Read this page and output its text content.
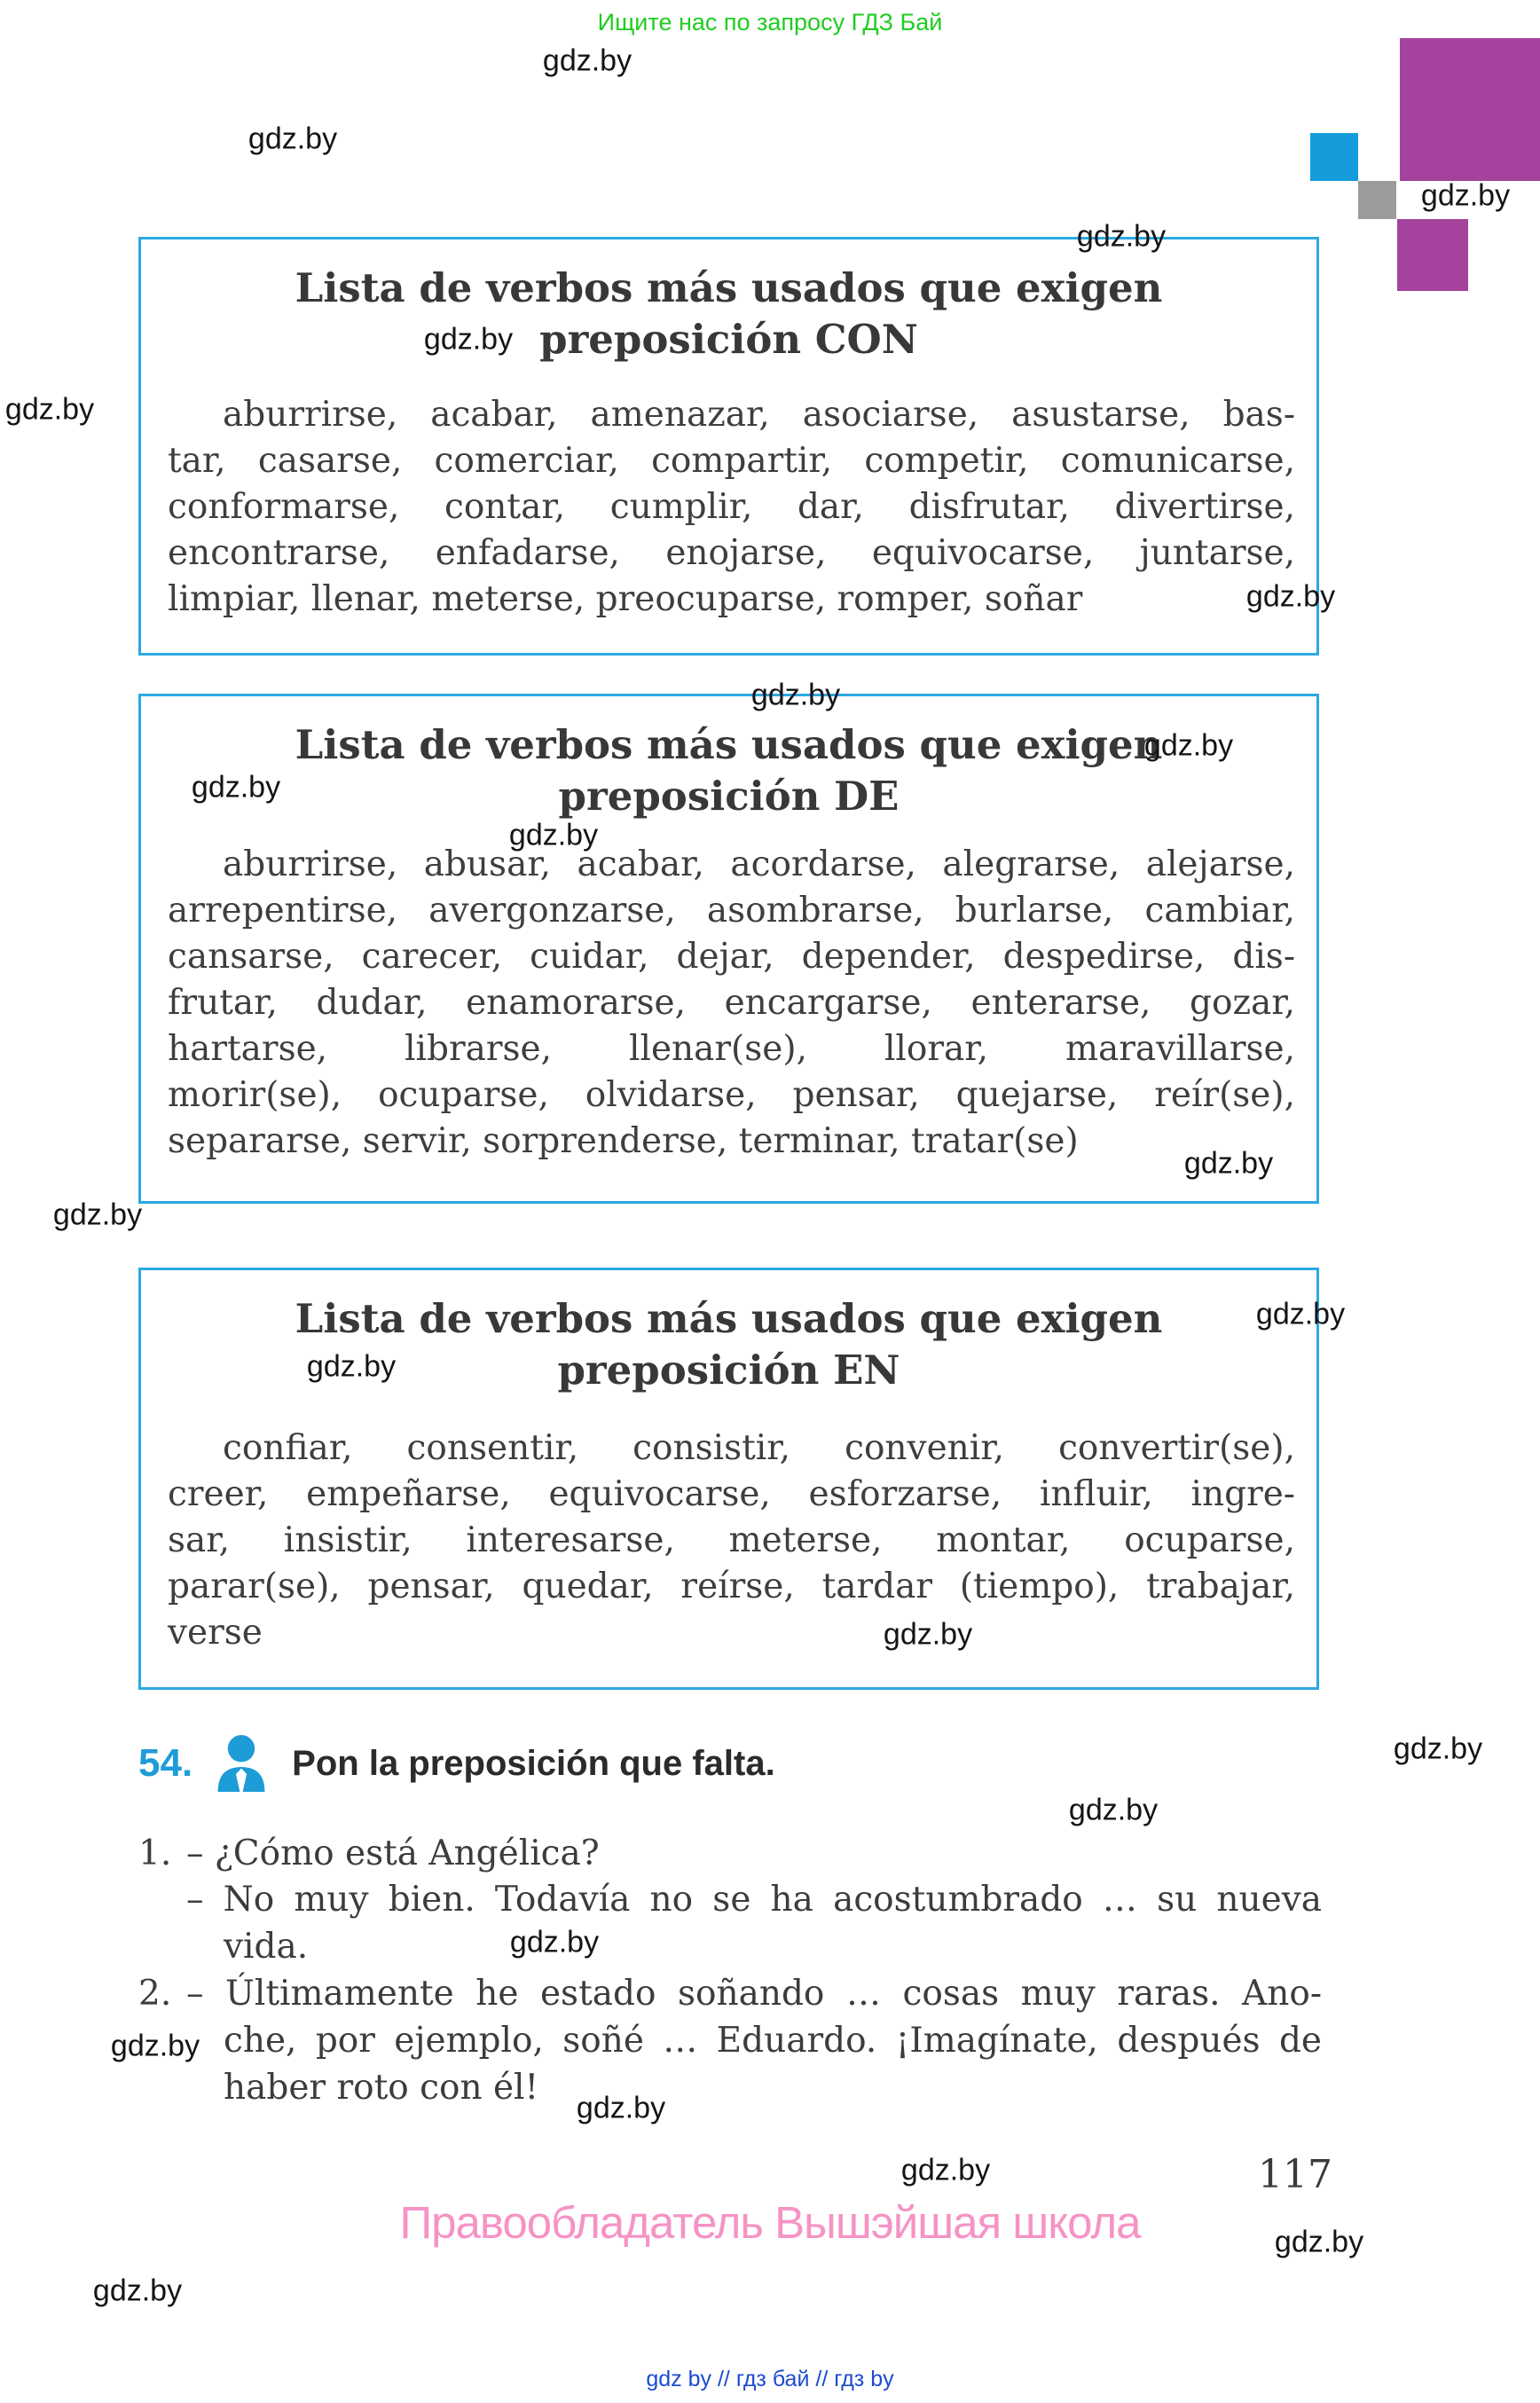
Ищите нас по запросу ГДЗ Бай
Lista de verbos más usados que exigen
preposición CON
aburrirse, acabar, amenazar, asociarse, asustarse, bas-
tar, casarse, comerciar, compartir, competir, comunicarse,
conformarse, contar, cumplir, dar, disfrutar, divertirse,
encontrarse, enfadarse, enojarse, equivocarse, juntarse,
limpiar, llenar, meterse, preocuparse, romper, soñar
Lista de verbos más usados que exigen
preposición DE
aburrirse, abusar, acabar, acordarse, alegrarse, alejarse,
arrepentirse, avergonzarse, asombrarse, burlarse, cambiar,
cansarse, carecer, cuidar, dejar, depender, despedirse, dis-
frutar, dudar, enamorarse, encargarse, enterarse, gozar,
hartarse, librarse, llenar(se), llorar, maravillarse,
morir(se), ocuparse, olvidarse, pensar, quejarse, reír(se),
separarse, servir, sorprenderse, terminar, tratar(se)
Lista de verbos más usados que exigen
preposición EN
confiar, consentir, consistir, convenir, convertir(se),
creer, empeñarse, equivocarse, esforzarse, influir, ingre-
sar, insistir, interesarse, meterse, montar, ocuparse,
parar(se), pensar, quedar, reírse, tardar (tiempo), trabajar,
verse
54.	Pon la preposición que falta.
1. – ¿Cómo está Angélica?
– No muy bien. Todavía no se ha acostumbrado … su nueva
vida.
2. – Últimamente he estado soñando … cosas muy raras. Ano-
che, por ejemplo, soñé … Eduardo. ¡Imagínate, después de
haber roto con él!
117
Правообладатель Вышэйшая школа
gdz by // гдз бай // гдз by
gdz.by
gdz.by
gdz.by
gdz.by
gdz.by
gdz.by
gdz.by
gdz.by
gdz.by
gdz.by
gdz.by
gdz.by
gdz.by
gdz.by
gdz.by
gdz.by
gdz.by
gdz.by
gdz.by
gdz.by
gdz.by
gdz.by
gdz.by
gdz.by
